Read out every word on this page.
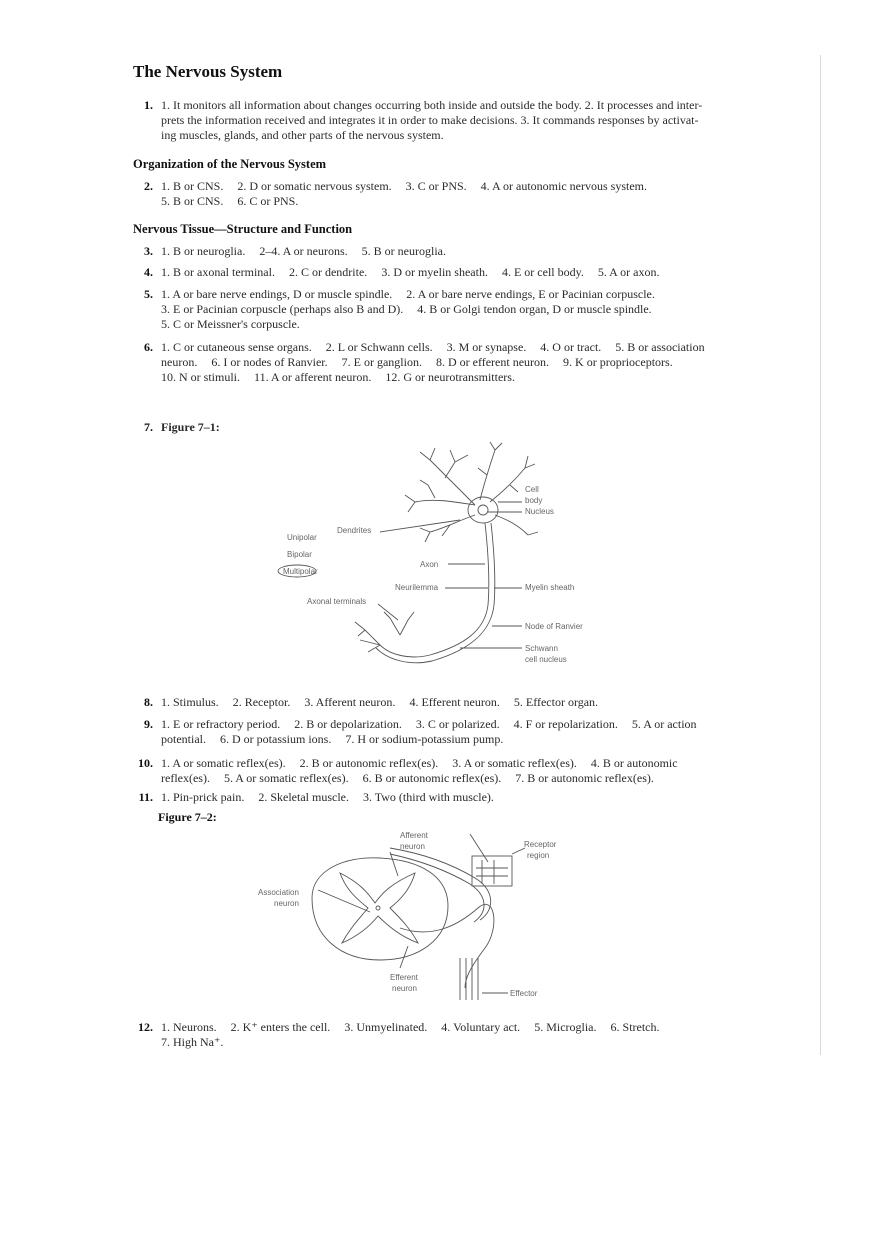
The Nervous System
1. 1. It monitors all information about changes occurring both inside and outside the body. 2. It processes and inter-
prets the information received and integrates it in order to make decisions. 3. It commands responses by activat-
ing muscles, glands, and other parts of the nervous system.
Organization of the Nervous System
2. 1. B or CNS. 2. D or somatic nervous system. 3. C or PNS. 4. A or autonomic nervous system.
5. B or CNS. 6. C or PNS.
Nervous Tissue—Structure and Function
3. 1. B or neuroglia. 2–4. A or neurons. 5. B or neuroglia.
4. 1. B or axonal terminal. 2. C or dendrite. 3. D or myelin sheath. 4. E or cell body. 5. A or axon.
5. 1. A or bare nerve endings, D or muscle spindle. 2. A or bare nerve endings, E or Pacinian corpuscle.
3. E or Pacinian corpuscle (perhaps also B and D). 4. B or Golgi tendon organ, D or muscle spindle.
5. C or Meissner's corpuscle.
6. 1. C or cutaneous sense organs. 2. L or Schwann cells. 3. M or synapse. 4. O or tract. 5. B or association
neuron. 6. I or nodes of Ranvier. 7. E or ganglion. 8. D or efferent neuron. 9. K or proprioceptors.
10. N or stimuli. 11. A or afferent neuron. 12. G or neurotransmitters.
7. Figure 7–1:
Cell
body
Nucleus
Dendrites
Unipolar
Bipolar
Multipolar
Axon
Neurilemma	Myelin sheath
Axonal terminals
Node of Ranvier
Schwann
cell nucleus
8. 1. Stimulus. 2. Receptor. 3. Afferent neuron. 4. Efferent neuron. 5. Effector organ.
9. 1. E or refractory period. 2. B or depolarization. 3. C or polarized. 4. F or repolarization. 5. A or action
potential. 6. D or potassium ions. 7. H or sodium-potassium pump.
10. 1. A or somatic reflex(es). 2. B or autonomic reflex(es). 3. A or somatic reflex(es). 4. B or autonomic
reflex(es). 5. A or somatic reflex(es). 6. B or autonomic reflex(es). 7. B or autonomic reflex(es).
11. 1. Pin-prick pain. 2. Skeletal muscle. 3. Two (third with muscle).
Figure 7–2:
Afferent
neuron	Receptor
region
Association
neuron
Efferent
neuron
Effector
12. 1. Neurons. 2. K⁺ enters the cell. 3. Unmyelinated. 4. Voluntary act. 5. Microglia. 6. Stretch.
7. High Na⁺.
